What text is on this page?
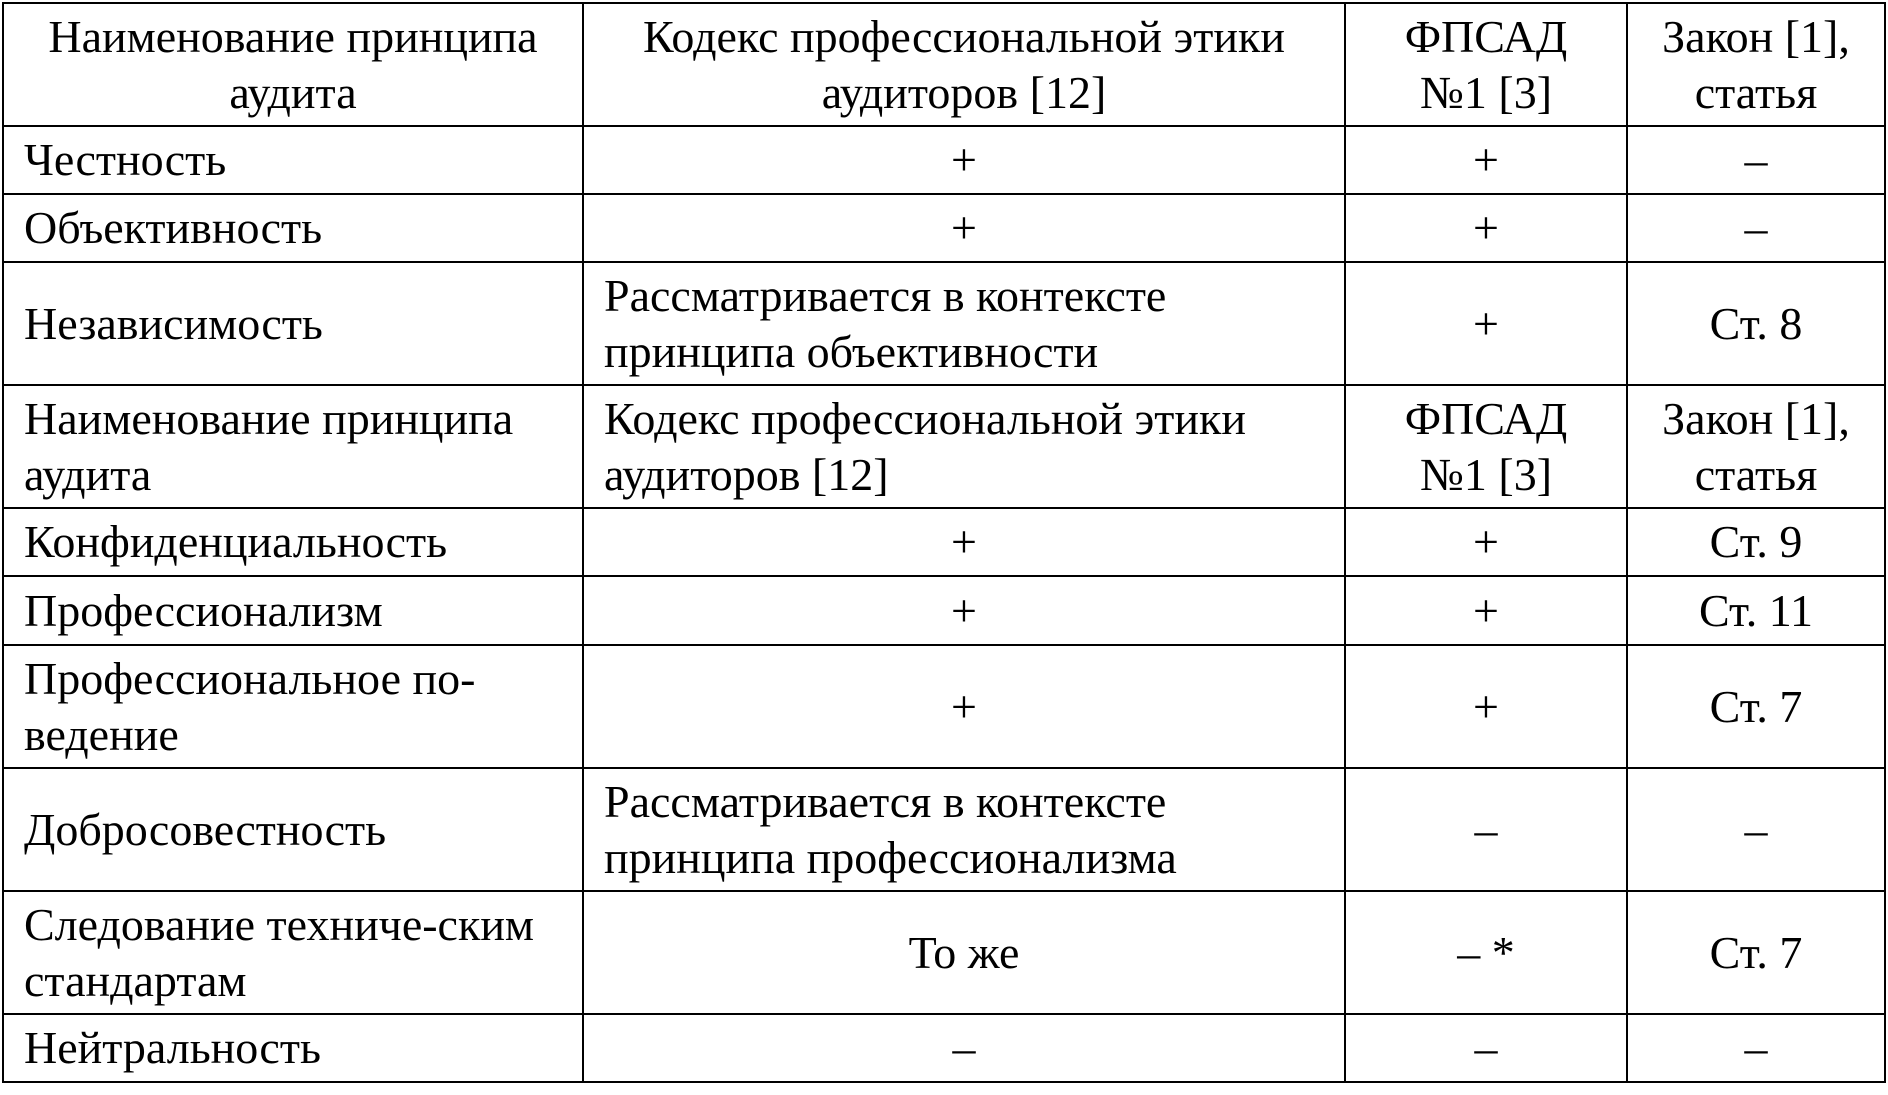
Наименование принципа аудита	Кодекс профессиональной этики аудиторов [12]	ФПСАД №1 [3]	Закон [1], статья
Честность	+	+	–
Объективность	+	+	–
Независимость	Рассматривается в контексте принципа объективности	+	Ст. 8
Наименование принципа аудита	Кодекс профессиональной этики аудиторов [12]	ФПСАД №1 [3]	Закон [1], статья
Конфиденциальность	+	+	Ст. 9
Профессионализм	+	+	Ст. 11
Профессиональное по-ведение	+	+	Ст. 7
Добросовестность	Рассматривается в контексте принципа профессионализма	–	–
Следование техниче-ским стандартам	То же	– *	Ст. 7
Нейтральность	–	–	–
